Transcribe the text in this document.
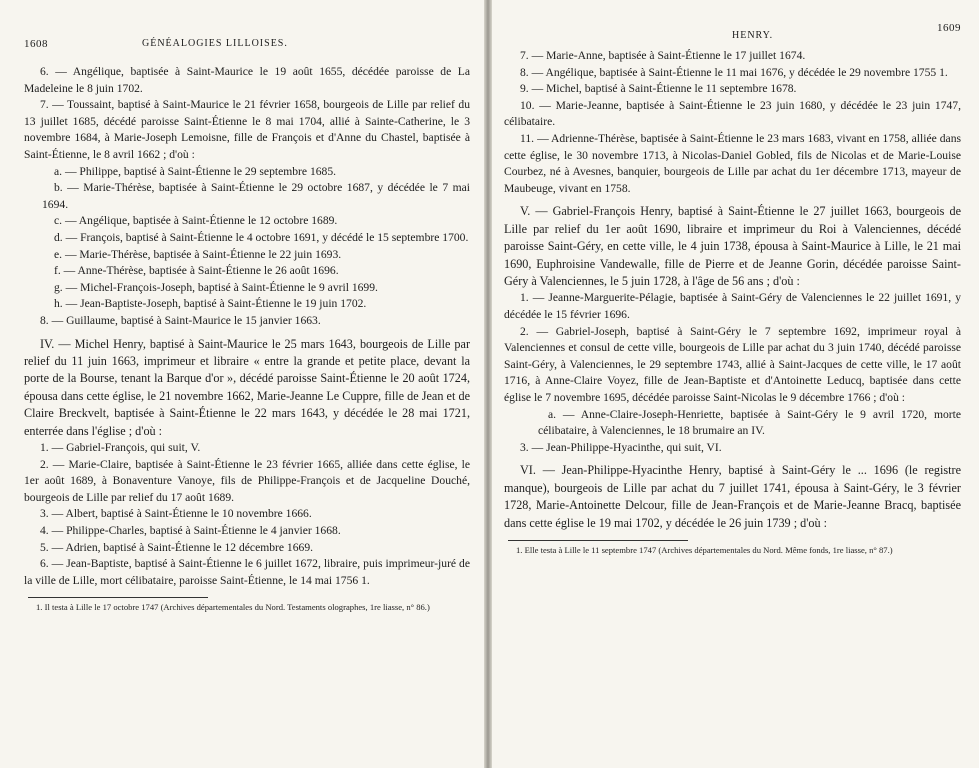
1608	GÉNÉALOGIES LILLOISES.

6. — Angélique, baptisée à Saint-Maurice le 19 août 1655, décédée paroisse de La Madeleine le 8 juin 1702.

7. — Toussaint, baptisé à Saint-Maurice le 21 février 1658, bourgeois de Lille par relief du 13 juillet 1685, décédé paroisse Saint-Étienne le 8 mai 1704, allié à Sainte-Catherine, le 3 novembre 1684, à Marie-Joseph Lemoisne, fille de François et d'Anne du Chastel, baptisée à Saint-Étienne, le 8 avril 1662 ; d'où :

a. — Philippe, baptisé à Saint-Étienne le 29 septembre 1685.

b. — Marie-Thérèse, baptisée à Saint-Étienne le 29 octobre 1687, y décédée le 7 mai 1694.

c. — Angélique, baptisée à Saint-Étienne le 12 octobre 1689.

d. — François, baptisé à Saint-Étienne le 4 octobre 1691, y décédé le 15 septembre 1700.

e. — Marie-Thérèse, baptisée à Saint-Étienne le 22 juin 1693.

f. — Anne-Thérèse, baptisée à Saint-Étienne le 26 août 1696.

g. — Michel-François-Joseph, baptisé à Saint-Étienne le 9 avril 1699.

h. — Jean-Baptiste-Joseph, baptisé à Saint-Étienne le 19 juin 1702.

8. — Guillaume, baptisé à Saint-Maurice le 15 janvier 1663.

IV. — Michel Henry, baptisé à Saint-Maurice le 25 mars 1643, bourgeois de Lille par relief du 11 juin 1663, imprimeur et libraire « entre la grande et petite place, devant la porte de la Bourse, tenant la Barque d'or », décédé paroisse Saint-Étienne le 20 août 1724, épousa dans cette église, le 21 novembre 1662, Marie-Jeanne Le Cuppre, fille de Jean et de Claire Breckvelt, baptisée à Saint-Étienne le 22 mars 1643, y décédée le 28 mai 1721, enterrée dans l'église ; d'où :

1. — Gabriel-François, qui suit, V.

2. — Marie-Claire, baptisée à Saint-Étienne le 23 février 1665, alliée dans cette église, le 1er août 1689, à Bonaventure Vanoye, fils de Philippe-François et de Jacqueline Douché, bourgeois de Lille par relief du 17 août 1689.

3. — Albert, baptisé à Saint-Étienne le 10 novembre 1666.

4. — Philippe-Charles, baptisé à Saint-Étienne le 4 janvier 1668.

5. — Adrien, baptisé à Saint-Étienne le 12 décembre 1669.

6. — Jean-Baptiste, baptisé à Saint-Étienne le 6 juillet 1672, libraire, puis imprimeur-juré de la ville de Lille, mort célibataire, paroisse Saint-Étienne, le 14 mai 1756 1.

1. Il testa à Lille le 17 octobre 1747 (Archives départementales du Nord. Testaments olographes, 1re liasse, n° 86.)

HENRY.
1609

7. — Marie-Anne, baptisée à Saint-Étienne le 17 juillet 1674.

8. — Angélique, baptisée à Saint-Étienne le 11 mai 1676, y décédée le 29 novembre 1755 1.

9. — Michel, baptisé à Saint-Étienne le 11 septembre 1678.

10. — Marie-Jeanne, baptisée à Saint-Étienne le 23 juin 1680, y décédée le 23 juin 1747, célibataire.

11. — Adrienne-Thérèse, baptisée à Saint-Étienne le 23 mars 1683, vivant en 1758, alliée dans cette église, le 30 novembre 1713, à Nicolas-Daniel Gobled, fils de Nicolas et de Marie-Louise Courbez, né à Avesnes, banquier, bourgeois de Lille par achat du 1er décembre 1713, mayeur de Maubeuge, vivant en 1758.

V. — Gabriel-François Henry, baptisé à Saint-Étienne le 27 juillet 1663, bourgeois de Lille par relief du 1er août 1690, libraire et imprimeur du Roi à Valenciennes, décédé paroisse Saint-Géry, en cette ville, le 4 juin 1738, épousa à Saint-Maurice à Lille, le 21 mai 1690, Euphroisine Vandewalle, fille de Pierre et de Jeanne Gorin, décédée paroisse Saint-Géry à Valenciennes, le 5 juin 1728, à l'âge de 56 ans ; d'où :

1. — Jeanne-Marguerite-Pélagie, baptisée à Saint-Géry de Valenciennes le 22 juillet 1691, y décédée le 15 février 1696.

2. — Gabriel-Joseph, baptisé à Saint-Géry le 7 septembre 1692, imprimeur royal à Valenciennes et consul de cette ville, bourgeois de Lille par achat du 3 juin 1740, décédé paroisse Saint-Géry, à Valenciennes, le 29 septembre 1743, allié à Saint-Jacques de cette ville, le 17 août 1716, à Anne-Claire Voyez, fille de Jean-Baptiste et d'Antoinette Leducq, baptisée dans cette église le 7 novembre 1695, décédée paroisse Saint-Nicolas le 9 décembre 1766 ; d'où :

a. — Anne-Claire-Joseph-Henriette, baptisée à Saint-Géry le 9 avril 1720, morte célibataire, à Valenciennes, le 18 brumaire an IV.

3. — Jean-Philippe-Hyacinthe, qui suit, VI.

VI. — Jean-Philippe-Hyacinthe Henry, baptisé à Saint-Géry le ... 1696 (le registre manque), bourgeois de Lille par achat du 7 juillet 1741, épousa à Saint-Géry, le 3 février 1728, Marie-Antoinette Delcour, fille de Jean-François et de Marie-Jeanne Bracq, baptisée dans cette église le 19 mai 1702, y décédée le 26 juin 1739 ; d'où :

1. Elle testa à Lille le 11 septembre 1747 (Archives départementales du Nord. Même fonds, 1re liasse, n° 87.)
